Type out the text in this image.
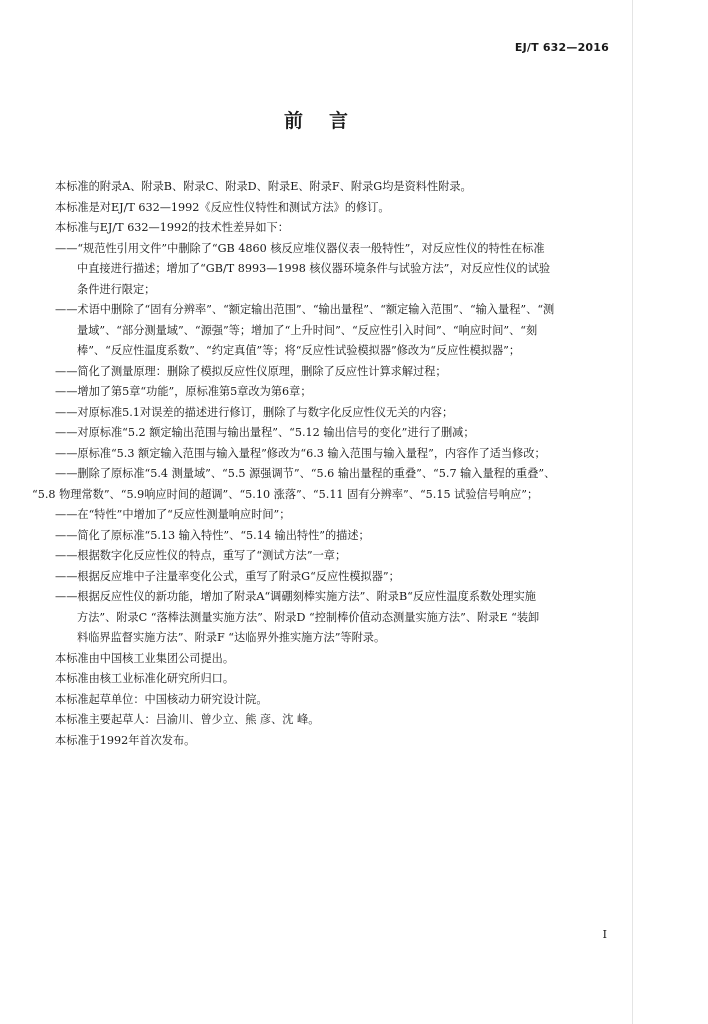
EJ/T 632—2016
前言

本标准的附录A、附录B、附录C、附录D、附录E、附录F、附录G均是资料性附录。

本标准是对EJ/T 632—1992《反应性仪特性和测试方法》的修订。

本标准与EJ/T 632—1992的技术性差异如下：

—— “规范性引用文件”中删除了“GB 4860 核反应堆仪器仪表一般特性”，对反应性仪的特性在标准
中直接进行描述；增加了“GB/T 8993—1998 核仪器环境条件与试验方法”，对反应性仪的试验
条件进行限定；
—— 术语中删除了“固有分辨率”、“额定输出范围”、“输出量程”、“额定输入范围”、“输入量程”、“测
量域”、“部分测量域”、“源强”等；增加了“上升时间”、“反应性引入时间”、“响应时间”、“刻
棒”、“反应性温度系数”、“约定真值”等；将“反应性试验模拟器”修改为“反应性模拟器”；
—— 简化了测量原理：删除了模拟反应性仪原理，删除了反应性计算求解过程；
—— 增加了第5章“功能”，原标准第5章改为第6章；
—— 对原标准5.1对误差的描述进行修订，删除了与数字化反应性仪无关的内容；
—— 对原标准“5.2 额定输出范围与输出量程”、“5.12 输出信号的变化”进行了删减；
—— 原标准“5.3 额定输入范围与输入量程”修改为“6.3 输入范围与输入量程”，内容作了适当修改；
—— 删除了原标准“5.4 测量域”、“5.5 源强调节”、“5.6 输出量程的重叠”、“5.7 输入量程的重叠”、

“5.8 物理常数”、“5.9响应时间的超调”、“5.10 涨落”、“5.11 固有分辨率”、“5.15 试验信号响应”；

—— 在“特性”中增加了“反应性测量响应时间”；
—— 简化了原标准“5.13 输入特性”、“5.14 输出特性”的描述；
—— 根据数字化反应性仪的特点，重写了“测试方法”一章；
—— 根据反应堆中子注量率变化公式，重写了附录G“反应性模拟器”；
—— 根据反应性仪的新功能，增加了附录A“调硼刻棒实施方法”、附录B“反应性温度系数处理实施
方法”、附录C “落棒法测量实施方法”、附录D “控制棒价值动态测量实施方法”、附录E “装卸
料临界监督实施方法”、附录F “达临界外推实施方法”等附录。

本标准由中国核工业集团公司提出。

本标准由核工业标准化研究所归口。

本标准起草单位：中国核动力研究设计院。

本标准主要起草人：吕渝川、曾少立、熊 彦、沈 峰。

本标准于1992年首次发布。

I
